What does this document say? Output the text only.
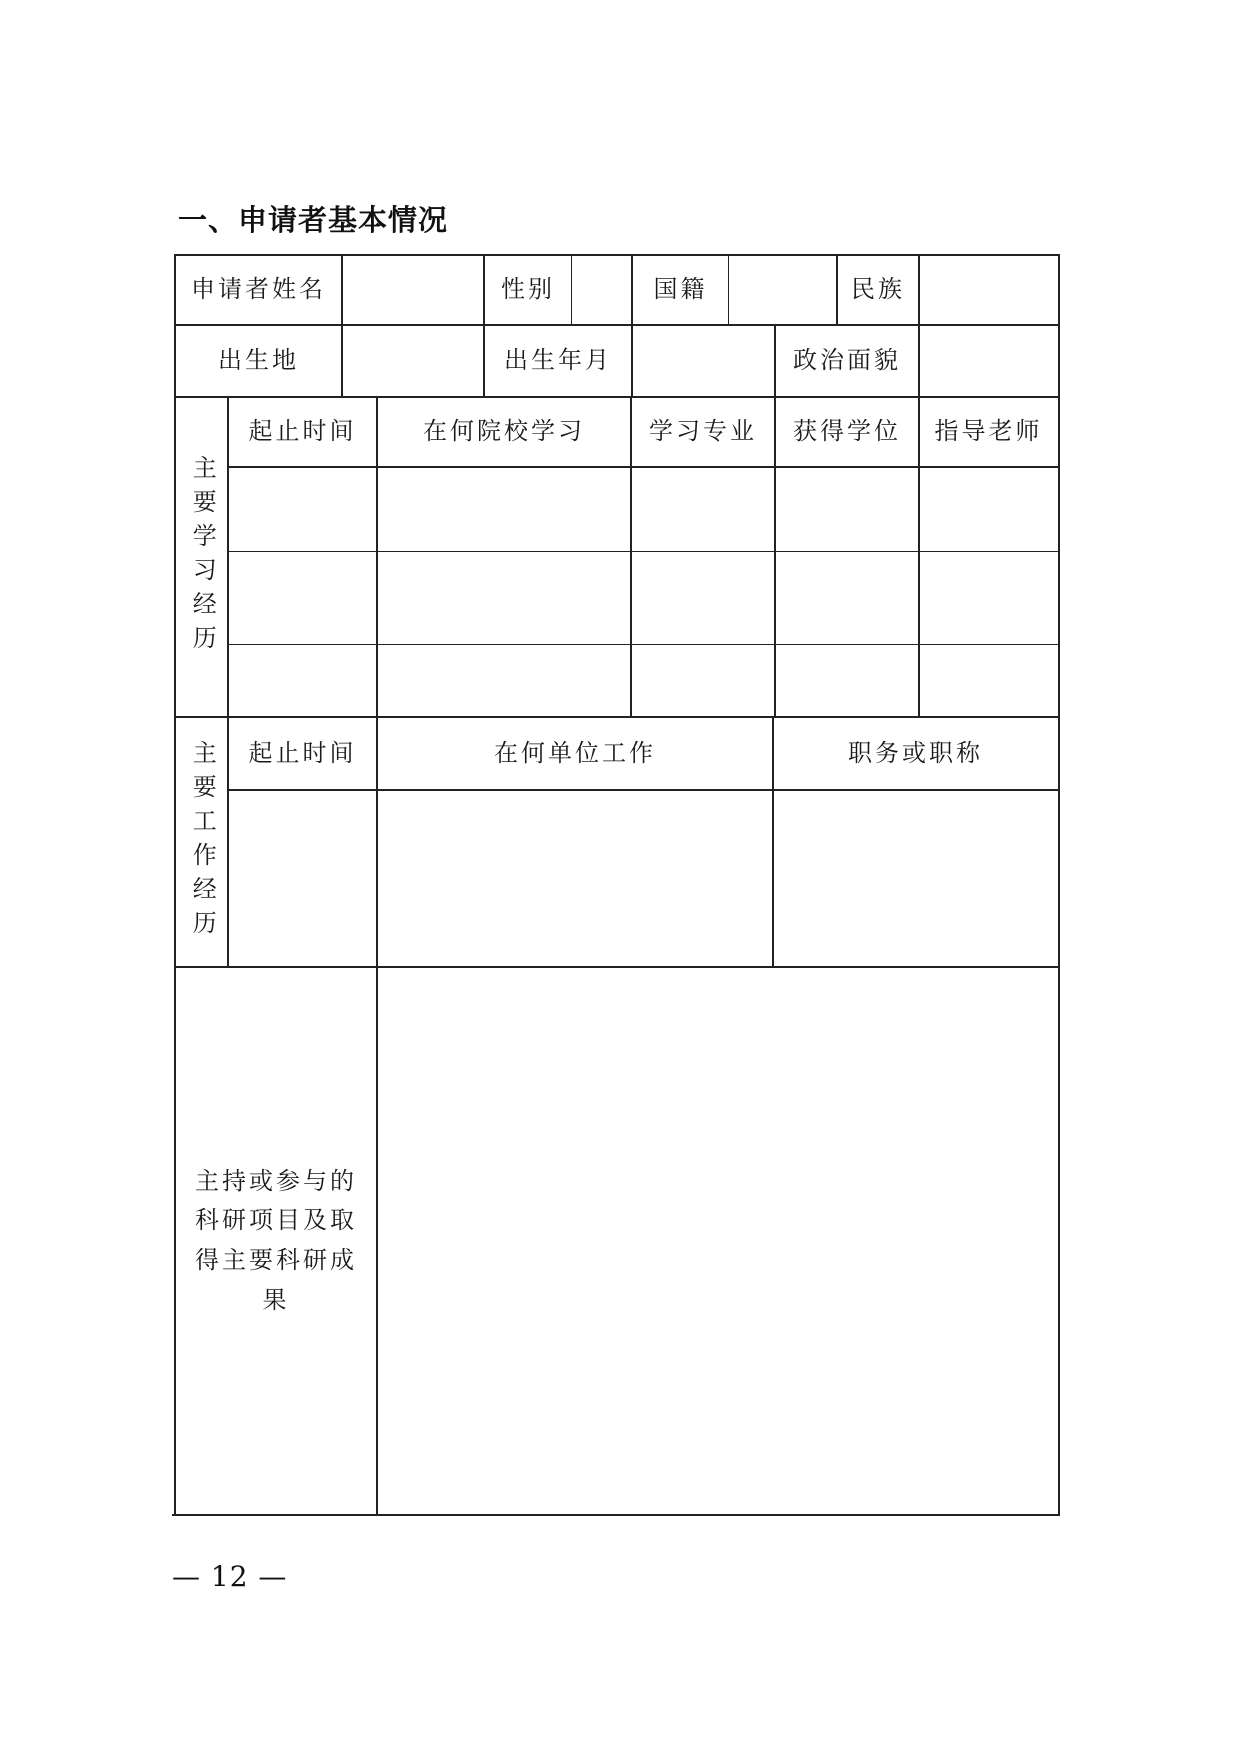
一、申请者基本情况
申请者姓名	性别	国籍	民族
出生地	出生年月	政治面貌
主要学习经历
起止时间	在何院校学习	学习专业	获得学位	指导老师
主要工作经历	起止时间	在何单位工作	职务或职称
主持或参与的科研项目及取得主要科研成果
— 12 —
